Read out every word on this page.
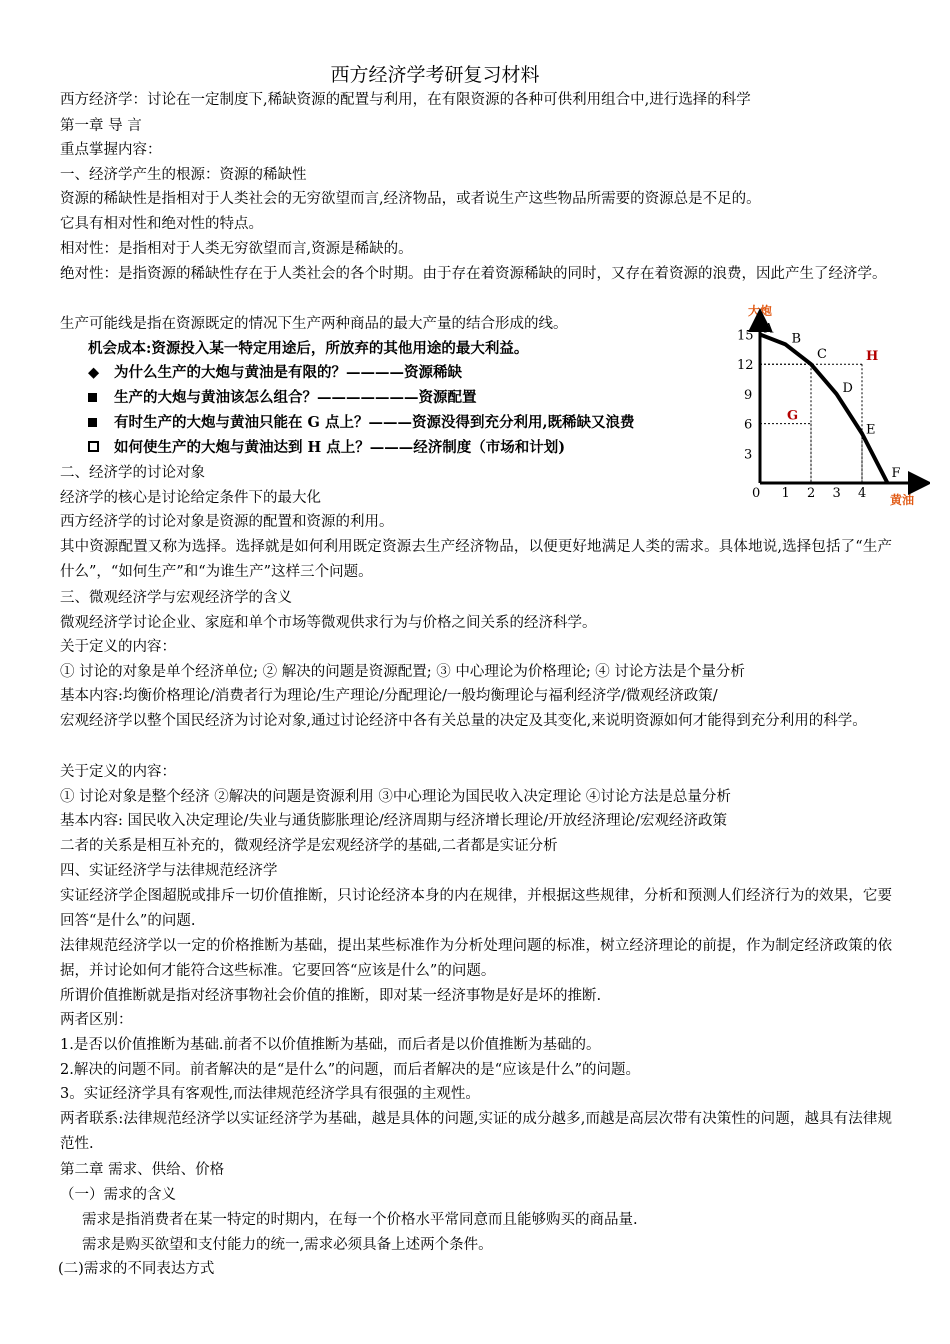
西方经济学考研复习材料
西方经济学：讨论在一定制度下,稀缺资源的配置与利用，在有限资源的各种可供利用组合中,进行选择的科学
第一章 导 言
重点掌握内容：
一、经济学产生的根源：资源的稀缺性
资源的稀缺性是指相对于人类社会的无穷欲望而言,经济物品，或者说生产这些物品所需要的资源总是不足的。
它具有相对性和绝对性的特点。
相对性：是指相对于人类无穷欲望而言,资源是稀缺的。
绝对性：是指资源的稀缺性存在于人类社会的各个时期。由于存在着资源稀缺的同时，又存在着资源的浪费，因此产生了经济学。
生产可能线是指在资源既定的情况下生产两种商品的最大产量的结合形成的线。
机会成本:资源投入某一特定用途后，所放弃的其他用途的最大利益。
◆ 为什么生产的大炮与黄油是有限的？————资源稀缺
生产的大炮与黄油该怎么组合？———————资源配置
有时生产的大炮与黄油只能在 G 点上？———资源没得到充分利用,既稀缺又浪费
如何使生产的大炮与黄油达到 H 点上？———经济制度（市场和计划)
大炮
黄油
0 1 2 3 4
3
6
9
12
15 A
B
C
D
E
F
G
H
二、经济学的讨论对象
经济学的核心是讨论给定条件下的最大化
西方经济学的讨论对象是资源的配置和资源的利用。
其中资源配置又称为选择。选择就是如何利用既定资源去生产经济物品，以便更好地满足人类的需求。具体地说,选择包括了“生产什么”，“如何生产”和“为谁生产”这样三个问题。
三、微观经济学与宏观经济学的含义
微观经济学讨论企业、家庭和单个市场等微观供求行为与价格之间关系的经济科学。
关于定义的内容：
① 讨论的对象是单个经济单位; ② 解决的问题是资源配置; ③ 中心理论为价格理论; ④ 讨论方法是个量分析
基本内容:均衡价格理论/消费者行为理论/生产理论/分配理论/一般均衡理论与福利经济学/微观经济政策/
宏观经济学以整个国民经济为讨论对象,通过讨论经济中各有关总量的决定及其变化,来说明资源如何才能得到充分利用的科学。
关于定义的内容：
① 讨论对象是整个经济 ②解决的问题是资源利用 ③中心理论为国民收入决定理论 ④讨论方法是总量分析
基本内容: 国民收入决定理论/失业与通货膨胀理论/经济周期与经济增长理论/开放经济理论/宏观经济政策
二者的关系是相互补充的，微观经济学是宏观经济学的基础,二者都是实证分析
四、实证经济学与法律规范经济学
实证经济学企图超脱或排斥一切价值推断，只讨论经济本身的内在规律，并根据这些规律，分析和预测人们经济行为的效果，它要回答“是什么”的问题.
法律规范经济学以一定的价格推断为基础，提出某些标准作为分析处理问题的标准，树立经济理论的前提，作为制定经济政策的依据，并讨论如何才能符合这些标准。它要回答“应该是什么”的问题。
所谓价值推断就是指对经济事物社会价值的推断，即对某一经济事物是好是坏的推断.
两者区别：
1.是否以价值推断为基础.前者不以价值推断为基础，而后者是以价值推断为基础的。
2.解决的问题不同。前者解决的是“是什么”的问题，而后者解决的是“应该是什么”的问题。
3。实证经济学具有客观性,而法律规范经济学具有很强的主观性。
两者联系:法律规范经济学以实证经济学为基础，越是具体的问题,实证的成分越多,而越是高层次带有决策性的问题，越具有法律规范性.
第二章 需求、供给、价格
（一）需求的含义
需求是指消费者在某一特定的时期内，在每一个价格水平常同意而且能够购买的商品量.
需求是购买欲望和支付能力的统一,需求必须具备上述两个条件。
(二)需求的不同表达方式
